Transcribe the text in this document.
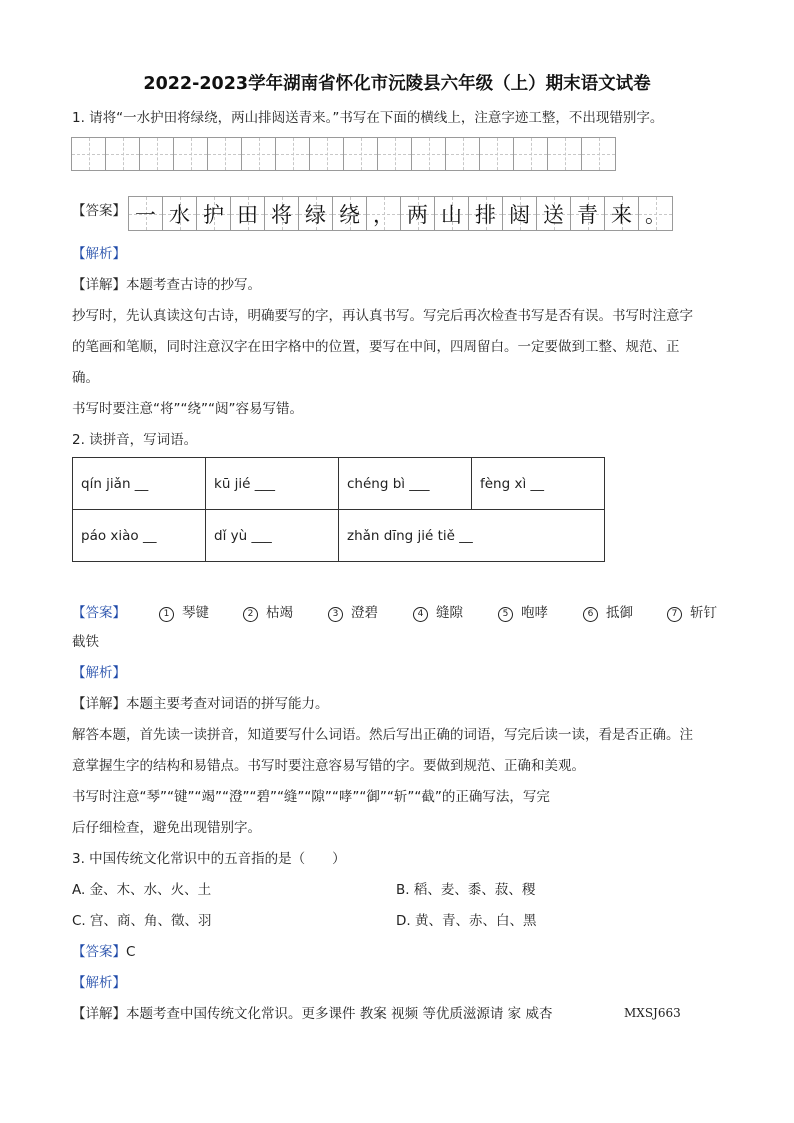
2022-2023学年湖南省怀化市沅陵县六年级（上）期末语文试卷
1. 请将“一水护田将绿绕，两山排闼送青来。”书写在下面的横线上，注意字迹工整，不出现错别字。
【答案】 一 水 护 田 将 绿 绕 ， 两 山 排 闼 送 青 来 。
【解析】
【详解】本题考查古诗的抄写。
抄写时，先认真读这句古诗，明确要写的字，再认真书写。写完后再次检查书写是否有误。书写时注意字
的笔画和笔顺，同时注意汉字在田字格中的位置，要写在中间，四周留白。一定要做到工整、规范、正
确。
书写时要注意“将”“绕”“闼”容易写错。
2. 读拼音，写词语。
qín jiǎn __	kū jié ___	chéng bì ___	fèng xì __
páo xiào __	dǐ yù ___	zhǎn dīng jié tiě __	
【答案】	1 琴键	2 枯竭	3 澄碧	4 缝隙	5 咆哮	6 抵御	7 斩钉
截铁
【解析】
【详解】本题主要考查对词语的拼写能力。
解答本题，首先读一读拼音，知道要写什么词语。然后写出正确的词语，写完后读一读，看是否正确。注
意掌握生字的结构和易错点。书写时要注意容易写错的字。要做到规范、正确和美观。
书写时注意“琴”“键”“竭”“澄”“碧”“缝”“隙”“哮”“御”“斩”“截”的正确写法，写完
后仔细检查，避免出现错别字。
3. 中国传统文化常识中的五音指的是（　　）
A. 金、木、水、火、土	B. 稻、麦、黍、菽、稷
C. 宫、商、角、徵、羽	D. 黄、青、赤、白、黑
【答案】C
【解析】
【详解】本题考查中国传统文化常识。更多课件 教案 视频 等优质滋源请 家 威杏	MXSJ663
